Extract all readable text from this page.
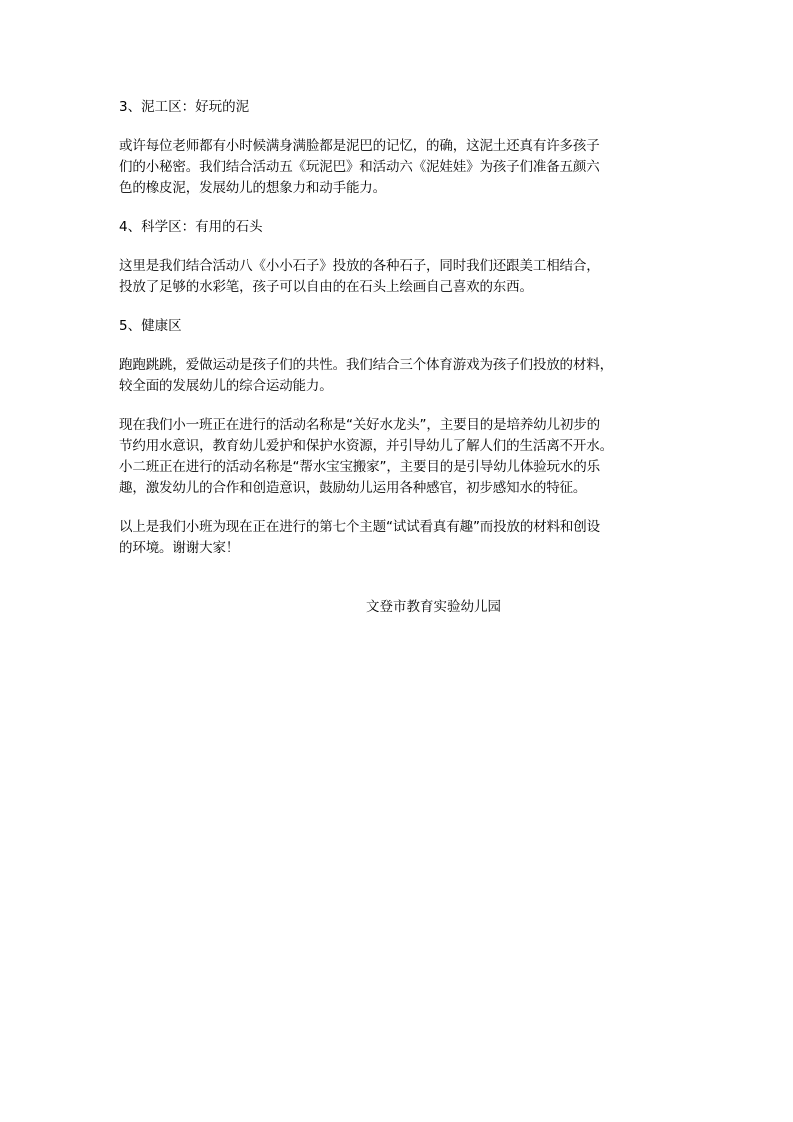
3、泥工区：好玩的泥

或许每位老师都有小时候满身满脸都是泥巴的记忆，的确，这泥土还真有许多孩子
们的小秘密。我们结合活动五《玩泥巴》和活动六《泥娃娃》为孩子们准备五颜六
色的橡皮泥，发展幼儿的想象力和动手能力。

4、科学区：有用的石头

这里是我们结合活动八《小小石子》投放的各种石子，同时我们还跟美工相结合，
投放了足够的水彩笔，孩子可以自由的在石头上绘画自己喜欢的东西。

5、健康区

跑跑跳跳，爱做运动是孩子们的共性。我们结合三个体育游戏为孩子们投放的材料，
较全面的发展幼儿的综合运动能力。

现在我们小一班正在进行的活动名称是“关好水龙头”，主要目的是培养幼儿初步的
节约用水意识，教育幼儿爱护和保护水资源，并引导幼儿了解人们的生活离不开水。
小二班正在进行的活动名称是“帮水宝宝搬家”，主要目的是引导幼儿体验玩水的乐
趣，激发幼儿的合作和创造意识，鼓励幼儿运用各种感官，初步感知水的特征。

以上是我们小班为现在正在进行的第七个主题“试试看真有趣”而投放的材料和创设
的环境。谢谢大家！

文登市教育实验幼儿园
